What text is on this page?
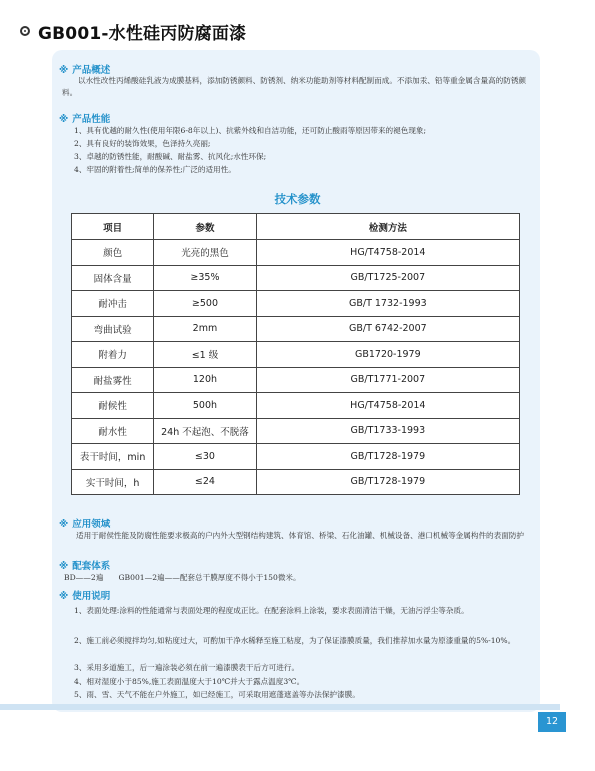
GB001-水性硅丙防腐面漆
※ 产品概述
以水性改性丙烯酸硅乳液为成膜基料，添加防锈颜料、防锈剂、纳米功能助剂等材料配制而成。不添加汞、铅等重金属含量高的防锈颜料。
※ 产品性能
1、具有优越的耐久性(使用年限6-8年以上)、抗紫外线和自洁功能，还可防止酸雨等原因带来的褪色现象;
2、具有良好的装饰效果，色泽持久亮丽;
3、卓越的防锈性能，耐酸碱、耐盐雾、抗风化;水性环保;
4、牢固的附着性;简单的保养性;广泛的适用性。
技术参数
项目	参数	检测方法
颜色	光亮的黑色	HG/T4758-2014
固体含量	≥35%	GB/T1725-2007
耐冲击	≥500	GB/T 1732-1993
弯曲试验	2mm	GB/T 6742-2007
附着力	≤1 级	GB1720-1979
耐盐雾性	120h	GB/T1771-2007
耐候性	500h	HG/T4758-2014
耐水性	24h 不起泡、不脱落	GB/T1733-1993
表干时间，min	≤30	GB/T1728-1979
实干时间，h	≤24	GB/T1728-1979
※ 应用领域
适用于耐侯性能及防腐性能要求极高的户内外大型钢结构建筑、体育馆、桥梁、石化油罐、机械设备、港口机械等金属构件的表面防护
※ 配套体系
BD——2遍　　GB001—2遍——配套总干膜厚度不得小于150微米。
※ 使用说明
1、表面处理:涂料的性能通常与表面处理的程度成正比。在配套涂料上涂装，要求表面清洁干燥，无油污浮尘等杂质。
2、施工前必须搅拌均匀,如粘度过大，可酌加干净水稀释至施工粘度，为了保证漆膜质量，我们推荐加水量为原漆重量的5%-10%。
3、采用多道施工，后一遍涂装必须在前一遍漆膜表干后方可进行。
4、相对湿度小于85%,施工表面温度大于10℃并大于露点温度3℃。
5、雨、雪、天气不能在户外施工，如已经施工，可采取用遮蓬遮盖等办法保护漆膜。
12
